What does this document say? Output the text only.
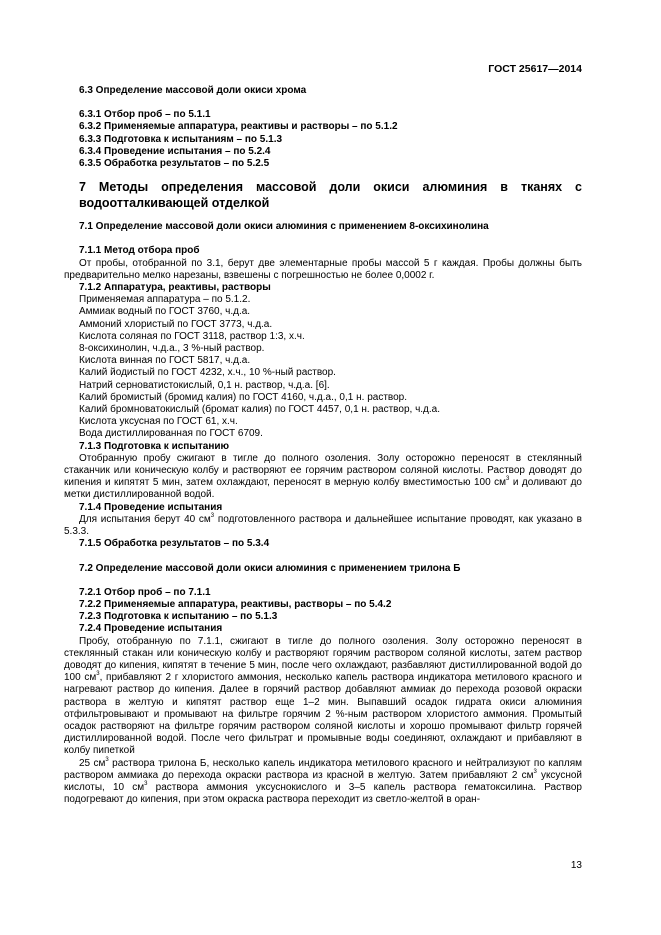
ГОСТ 25617—2014
6.3 Определение массовой доли окиси хрома
6.3.1 Отбор проб – по 5.1.1
6.3.2 Применяемые аппаратура, реактивы и растворы – по 5.1.2
6.3.3 Подготовка к испытаниям – по 5.1.3
6.3.4 Проведение испытания – по 5.2.4
6.3.5 Обработка результатов – по 5.2.5
7 Методы определения массовой доли окиси алюминия в тканях с водоотталкивающей отделкой
7.1 Определение массовой доли окиси алюминия с применением 8-оксихинолина
7.1.1 Метод отбора проб
От пробы, отобранной по 3.1, берут две элементарные пробы массой 5 г каждая. Пробы должны быть предварительно мелко нарезаны, взвешены с погрешностью не более 0,0002 г.
7.1.2 Аппаратура, реактивы, растворы
Применяемая аппаратура – по 5.1.2.
Аммиак водный по ГОСТ 3760, ч.д.а.
Аммоний хлористый по ГОСТ 3773, ч.д.а.
Кислота соляная по ГОСТ 3118, раствор 1:3, х.ч.
8-оксихинолин, ч.д.а., 3 %-ный раствор.
Кислота винная по ГОСТ 5817, ч.д.а.
Калий йодистый по ГОСТ 4232, х.ч., 10 %-ный раствор.
Натрий серноватистокислый, 0,1 н. раствор, ч.д.а. [6].
Калий бромистый (бромид калия) по ГОСТ 4160, ч.д.а., 0,1 н. раствор.
Калий бромноватокислый (бромат калия) по ГОСТ 4457, 0,1 н. раствор, ч.д.а.
Кислота уксусная по ГОСТ 61, х.ч.
Вода дистиллированная по ГОСТ 6709.
7.1.3 Подготовка к испытанию
Отобранную пробу сжигают в тигле до полного озоления. Золу осторожно переносят в стеклянный стаканчик или коническую колбу и растворяют ее горячим раствором соляной кислоты. Раствор доводят до кипения и кипятят 5 мин, затем охлаждают, переносят в мерную колбу вместимостью 100 $см^3$ и доливают до метки дистиллированной водой.
7.1.4 Проведение испытания
Для испытания берут 40 $см^3$ подготовленного раствора и дальнейшее испытание проводят, как указано в 5.3.3.
7.1.5 Обработка результатов – по 5.3.4
7.2 Определение массовой доли окиси алюминия с применением трилона Б
7.2.1 Отбор проб – по 7.1.1
7.2.2 Применяемые аппаратура, реактивы, растворы – по 5.4.2
7.2.3 Подготовка к испытанию – по 5.1.3
7.2.4 Проведение испытания
Пробу, отобранную по 7.1.1, сжигают в тигле до полного озоления. Золу осторожно переносят в стеклянный стакан или коническую колбу и растворяют горячим раствором соляной кислоты, затем раствор доводят до кипения, кипятят в течение 5 мин, после чего охлаждают, разбавляют дистиллированной водой до 100 $см^3$, прибавляют 2 г хлористого аммония, несколько капель раствора индикатора метилового красного и нагревают раствор до кипения. Далее в горячий раствор добавляют аммиак до перехода розовой окраски раствора в желтую и кипятят раствор еще 1–2 мин. Выпавший осадок гидрата окиси алюминия отфильтровывают и промывают на фильтре горячим 2 %-ным раствором хлористого аммония. Промытый осадок растворяют на фильтре горячим раствором соляной кислоты и хорошо промывают фильтр горячей дистиллированной водой. После чего фильтрат и промывные воды соединяют, охлаждают и прибавляют в колбу пипеткой
25 $см^3$ раствора трилона Б, несколько капель индикатора метилового красного и нейтрализуют по каплям раствором аммиака до перехода окраски раствора из красной в желтую. Затем прибавляют 2 $см^3$ уксусной кислоты, 10 $см^3$ раствора аммония уксуснокислого и 3–5 капель раствора гематоксилина. Раствор подогревают до кипения, при этом окраска раствора переходит из светло-желтой в оран-
13
